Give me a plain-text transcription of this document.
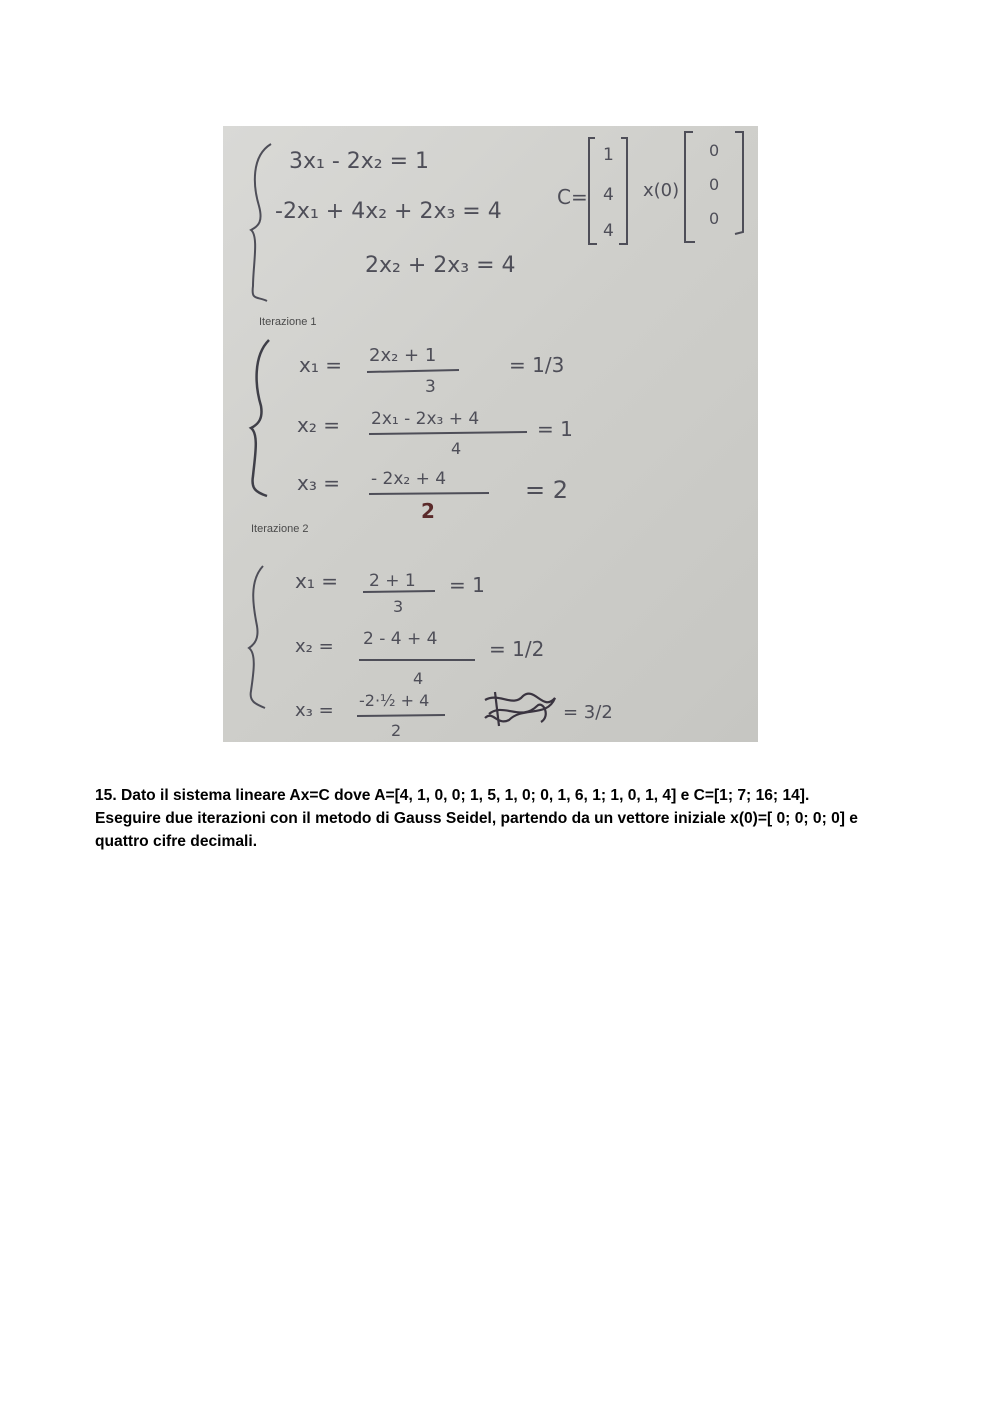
3x₁ - 2x₂ = 1
-2x₁ + 4x₂ + 2x₃ = 4
2x₂ + 2x₃ = 4
C=
1
4
4
x(0)
0
0
0
x₁ = 2x₂ + 1
3
= 1/3
x₂ = 2x₁ - 2x₃ + 4
4
= 1
x₃ = - 2x₂ + 4
2
= 2
x₁ = 2 + 1
3
= 1
x₂ = 2 - 4 + 4
4
= 1/2
x₃ = -2·½ + 4
2
= 3/2
Iterazione 1
Iterazione 2

15. Dato il sistema lineare Ax=C dove A=[4, 1, 0, 0; 1, 5, 1, 0; 0, 1, 6, 1; 1, 0, 1, 4] e C=[1; 7; 16; 14].

Eseguire due iterazioni con il metodo di Gauss Seidel, partendo da un vettore iniziale x(0)=[ 0; 0; 0; 0] e

quattro cifre decimali.
